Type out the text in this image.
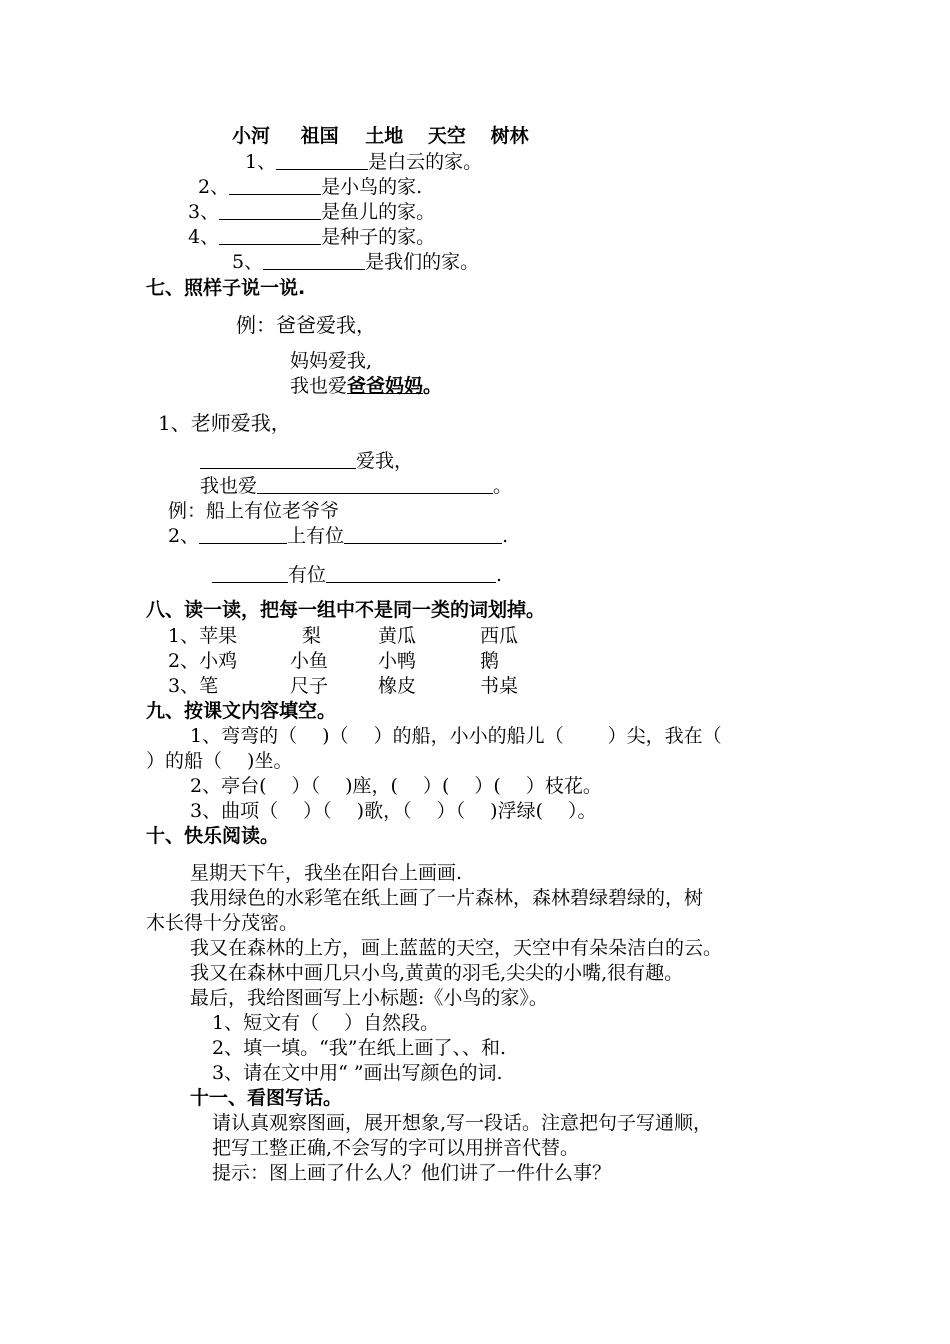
小河 祖国 土地 天空 树林
1、	是白云的家。
2、	是小鸟的家.
3、	是鱼儿的家。
4、	是种子的家。
5、	是我们的家。
七、照样子说一说.
例：爸爸爱我，
妈妈爱我,
我也爱爸爸妈妈。
1、老师爱我，
爱我，
我也爱	。
例：船上有位老爷爷
2、	上有位	.
有位	.
八、读一读，把每一组中不是同一类的词划掉。
1、苹果	梨	黄瓜	西瓜
2、小鸡	小鱼	小鸭	鹅
3、笔	尺子	橡皮	书桌
九、按课文内容填空。
1、弯弯的（　 )（　 ）的船，小小的船儿（　 　）尖，我在（
）的船（　 )坐。
2、亭台(　 ）（　 )座，(　 ）(　 ）(　 ）枝花。
3、曲项（　 ）（　 )歌，（　 ）（　 )浮绿(　 ）。
十、快乐阅读。
星期天下午，我坐在阳台上画画.
我用绿色的水彩笔在纸上画了一片森林，森林碧绿碧绿的，树
木长得十分茂密。
我又在森林的上方，画上蓝蓝的天空，天空中有朵朵洁白的云。
我又在森林中画几只小鸟,黄黄的羽毛,尖尖的小嘴,很有趣。
最后，我给图画写上小标题:《小鸟的家》。
1、短文有（　 ）自然段。
2、填一填。“我”在纸上画了、、和.
3、请在文中用“ ”画出写颜色的词.
十一、看图写话。
请认真观察图画，展开想象,写一段话。注意把句子写通顺，
把写工整正确,不会写的字可以用拼音代替。
提示：图上画了什么人？他们讲了一件什么事？
